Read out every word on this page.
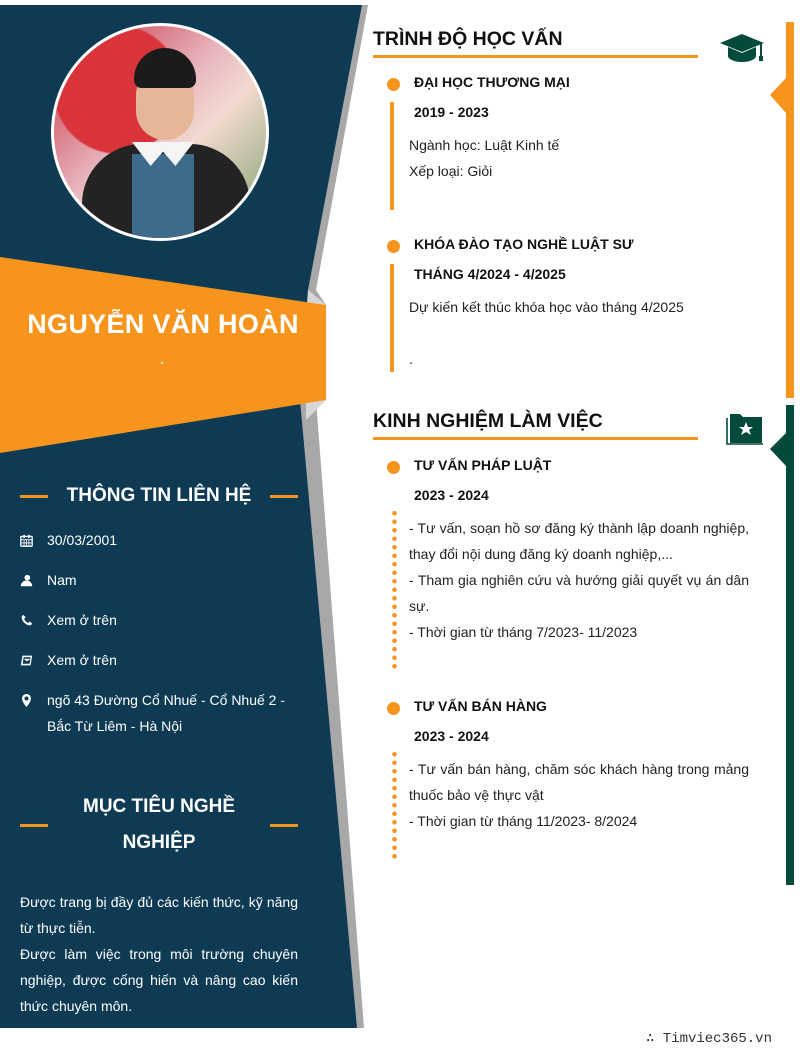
NGUYỄN VĂN HOÀN
THÔNG TIN LIÊN HỆ
30/03/2001
Nam
Xem ở trên
Xem ở trên
ngõ 43 Đường Cổ Nhuế - Cổ Nhuế 2 - Bắc Từ Liêm - Hà Nội
MỤC TIÊU NGHỀ
NGHIỆP

Được trang bị đầy đủ các kiến thức, kỹ năng từ thực tiễn.

Được làm việc trong môi trường chuyên nghiệp, được cống hiến và nâng cao kiến thức chuyên môn.

TRÌNH ĐỘ HỌC VẤN
ĐẠI HỌC THƯƠNG MẠI
2019 - 2023

Ngành học: Luật Kinh tế

Xếp loại: Giỏi

KHÓA ĐÀO TẠO NGHỀ LUẬT SƯ
THÁNG 4/2024 - 4/2025

Dự kiến kết thúc khóa học vào tháng 4/2025

.

KINH NGHIỆM LÀM VIỆC
TƯ VẤN PHÁP LUẬT
2023 - 2024

- Tư vấn, soạn hồ sơ đăng ký thành lập doanh nghiệp, thay đổi nội dung đăng ký doanh nghiệp,...

- Tham gia nghiên cứu và hướng giải quyết vụ án dân sự.

- Thời gian từ tháng 7/2023- 11/2023

TƯ VẤN BÁN HÀNG
2023 - 2024

- Tư vấn bán hàng, chăm sóc khách hàng trong mảng thuốc bảo vệ thực vật

- Thời gian từ tháng 11/2023- 8/2024

∴ Timviec365.vn
